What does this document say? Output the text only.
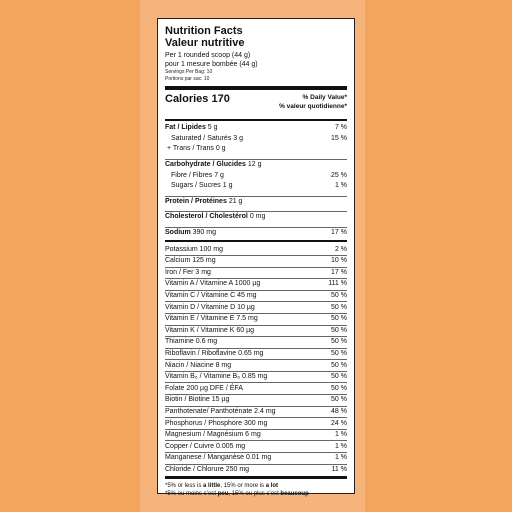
Nutrition Facts
Valeur nutritive
Per 1 rounded scoop (44 g)
pour 1 mesure bombée (44 g)
Servings Per Bag: 10
Portions par sac: 10
Calories 170	% Daily Value*
% valeur quotidienne*
Fat / Lipides 5 g	7 %
Saturated / Saturés 3 g	15 %
+ Trans / Trans 0 g
Carbohydrate / Glucides 12 g
Fibre / Fibres 7 g	25 %
Sugars / Sucres 1 g	1 %
Protein / Protéines 21 g
Cholesterol / Cholestérol 0 mg
Sodium 390 mg	17 %
Potassium 100 mg	2 %
Calcium 125 mg	10 %
Iron / Fer 3 mg	17 %
Vitamin A / Vitamine A 1000 µg	111 %
Vitamin C / Vitamine C 45 mg	50 %
Vitamin D / Vitamine D 10 µg	50 %
Vitamin E / Vitamine E 7.5 mg	50 %
Vitamin K / Vitamine K 60 µg	50 %
Thiamine 0.6 mg	50 %
Riboflavin / Riboflavine 0.65 mg	50 %
Niacin / Niacine 8 mg	50 %
Vitamin B₆ / Vitamine B₆ 0.85 mg	50 %
Folate 200 µg DFE / ÉFA	50 %
Biotin / Biotine 15 µg	50 %
Panthotenate/ Panthoténate 2.4 mg	48 %
Phosphorus / Phosphore 300 mg	24 %
Magnesium / Magnésium 6 mg	1 %
Copper / Cuivre 0.005 mg	1 %
Manganese / Manganèse 0.01 mg	1 %
Chloride / Chlorure 250 mg	11 %
*5% or less is a little, 15% or more is a lot
*5% ou moins c’est peu, 15% ou plus c’est beaucoup
